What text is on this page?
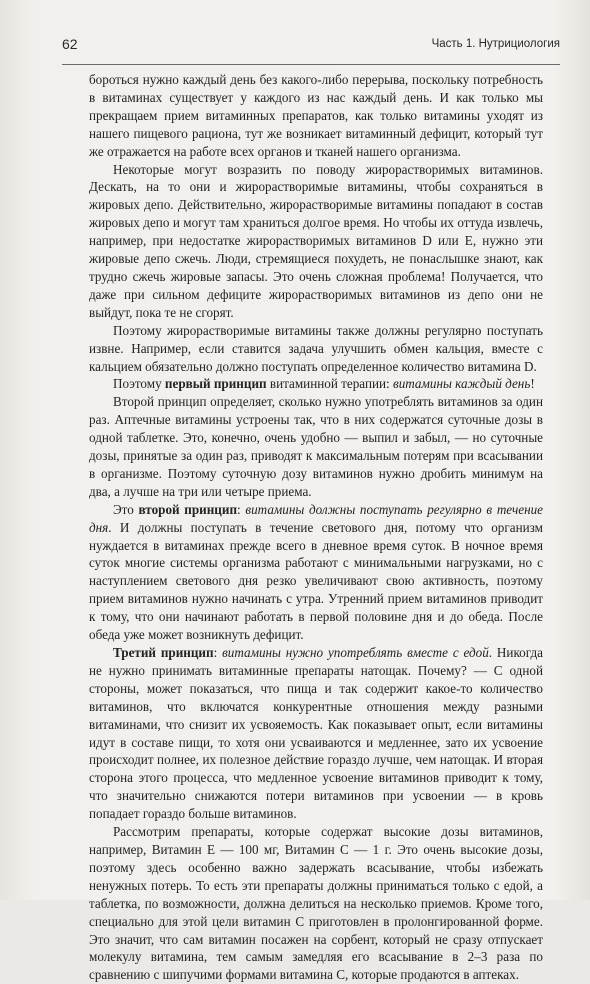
62	Часть 1. Нутрициология

бороться нужно каждый день без какого-либо перерыва, поскольку потребность в витаминах существует у каждого из нас каждый день. И как только мы прекращаем прием витаминных препаратов, как только витамины уходят из нашего пищевого рациона, тут же возникает витаминный дефицит, который тут же отражается на работе всех органов и тканей нашего организма.

Некоторые могут возразить по поводу жирорастворимых витаминов. Дескать, на то они и жирорастворимые витамины, чтобы сохраняться в жировых депо. Действительно, жирорастворимые витамины попадают в состав жировых депо и могут там храниться долгое время. Но чтобы их оттуда извлечь, например, при недостатке жирорастворимых витаминов D или E, нужно эти жировые депо сжечь. Люди, стремящиеся похудеть, не понаслышке знают, как трудно сжечь жировые запасы. Это очень сложная проблема! Получается, что даже при сильном дефиците жирорастворимых витаминов из депо они не выйдут, пока те не сгорят.

Поэтому жирорастворимые витамины также должны регулярно поступать извне. Например, если ставится задача улучшить обмен кальция, вместе с кальцием обязательно должно поступать определенное количество витамина D.

Поэтому первый принцип витаминной терапии: витамины каждый день!

Второй принцип определяет, сколько нужно употреблять витаминов за один раз. Аптечные витамины устроены так, что в них содержатся суточные дозы в одной таблетке. Это, конечно, очень удобно — выпил и забыл, — но суточные дозы, принятые за один раз, приводят к максимальным потерям при всасывании в организме. Поэтому суточную дозу витаминов нужно дробить минимум на два, а лучше на три или четыре приема.

Это второй принцип: витамины должны поступать регулярно в течение дня. И должны поступать в течение светового дня, потому что организм нуждается в витаминах прежде всего в дневное время суток. В ночное время суток многие системы организма работают с минимальными нагрузками, но с наступлением светового дня резко увеличивают свою активность, поэтому прием витаминов нужно начинать с утра. Утренний прием витаминов приводит к тому, что они начинают работать в первой половине дня и до обеда. После обеда уже может возникнуть дефицит.

Третий принцип: витамины нужно употреблять вместе с едой. Никогда не нужно принимать витаминные препараты натощак. Почему? — С одной стороны, может показаться, что пища и так содержит какое-то количество витаминов, что включатся конкурентные отношения между разными витаминами, что снизит их усвояемость. Как показывает опыт, если витамины идут в составе пищи, то хотя они усваиваются и медленнее, зато их усвоение происходит полнее, их полезное действие гораздо лучше, чем натощак. И вторая сторона этого процесса, что медленное усвоение витаминов приводит к тому, что значительно снижаются потери витаминов при усвоении — в кровь попадает гораздо больше витаминов.

Рассмотрим препараты, которые содержат высокие дозы витаминов, например, Витамин E — 100 мг, Витамин C — 1 г. Это очень высокие дозы, поэтому здесь особенно важно задержать всасывание, чтобы избежать ненужных потерь. То есть эти препараты должны приниматься только с едой, а таблетка, по возможности, должна делиться на несколько приемов. Кроме того, специально для этой цели витамин C приготовлен в пролонгированной форме. Это значит, что сам витамин посажен на сорбент, который не сразу отпускает молекулу витамина, тем самым замедляя его всасывание в 2–3 раза по сравнению с шипучими формами витамина C, которые продаются в аптеках.
